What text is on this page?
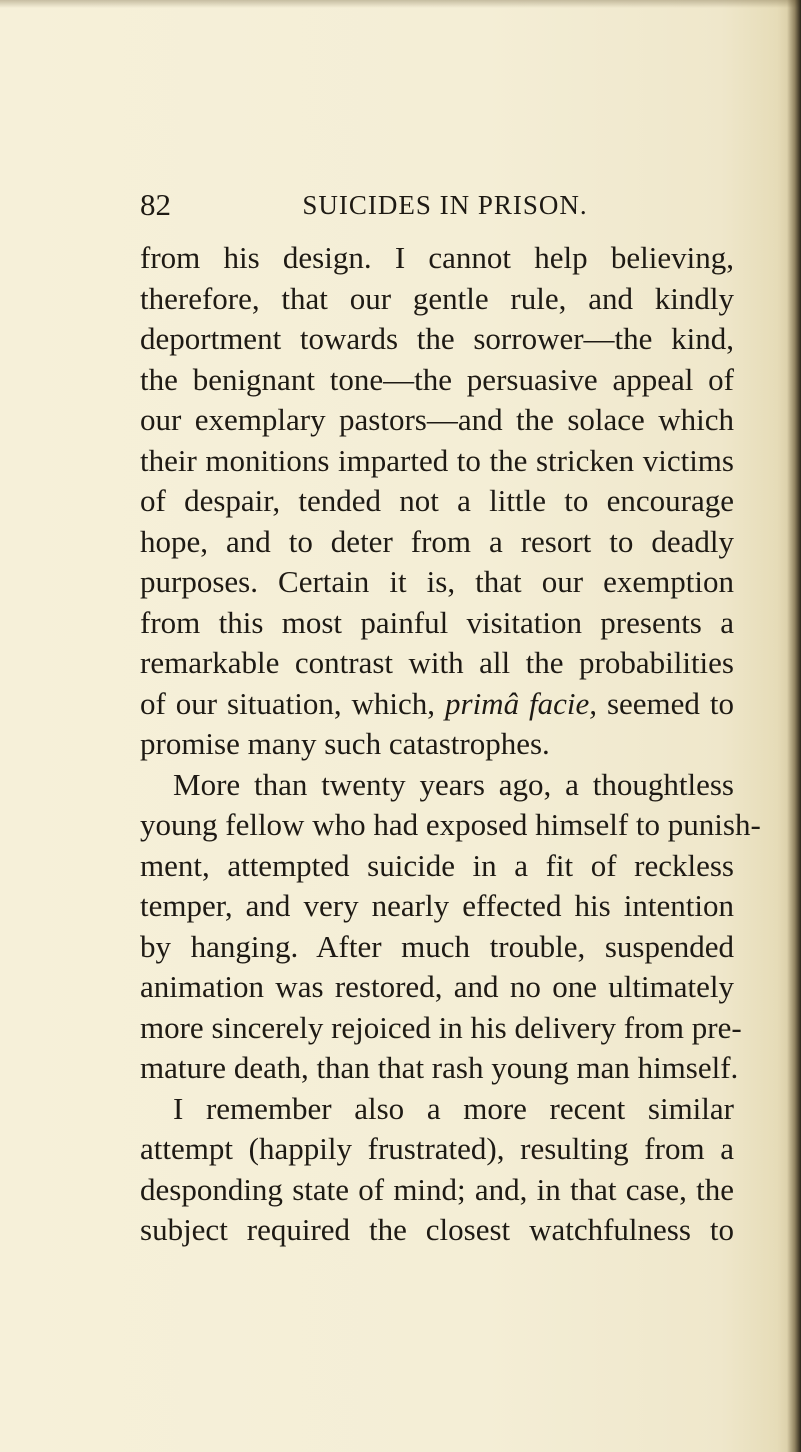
82	SUICIDES IN PRISON.
from his design. I cannot help believing,
therefore, that our gentle rule, and kindly
deportment towards the sorrower—the kind,
the benignant tone—the persuasive appeal of
our exemplary pastors—and the solace which
their monitions imparted to the stricken victims
of despair, tended not a little to encourage
hope, and to deter from a resort to deadly
purposes. Certain it is, that our exemption
from this most painful visitation presents a
remarkable contrast with all the probabilities
of our situation, which, primâ facie, seemed to
promise many such catastrophes.
More than twenty years ago, a thoughtless
young fellow who had exposed himself to punish-
ment, attempted suicide in a fit of reckless
temper, and very nearly effected his intention
by hanging. After much trouble, suspended
animation was restored, and no one ultimately
more sincerely rejoiced in his delivery from pre-
mature death, than that rash young man himself.
I remember also a more recent similar
attempt (happily frustrated), resulting from a
desponding state of mind; and, in that case, the
subject required the closest watchfulness to
